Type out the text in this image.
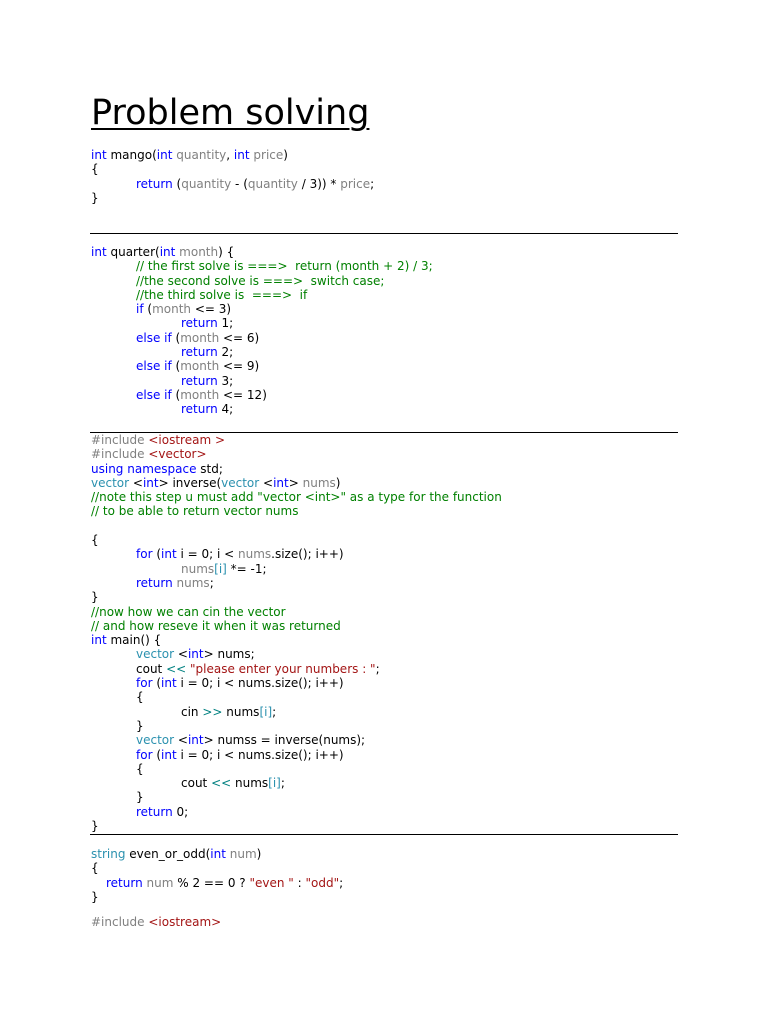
Problem solving
int mango(int quantity, int price)
{
return (quantity - (quantity / 3)) * price;
}
int quarter(int month) {
// the first solve is ===>  return (month + 2) / 3;
//the second solve is ===>  switch case;
//the third solve is  ===>  if
if (month <= 3)
return 1;
else if (month <= 6)
return 2;
else if (month <= 9)
return 3;
else if (month <= 12)
return 4;
#include <iostream >
#include <vector>
using namespace std;
vector <int> inverse(vector <int> nums)
//note this step u must add "vector <int>" as a type for the function
// to be able to return vector nums
{
for (int i = 0; i < nums.size(); i++)
nums[i] *= -1;
return nums;
}
//now how we can cin the vector
// and how reseve it when it was returned
int main() {
vector <int> nums;
cout << "please enter your numbers : ";
for (int i = 0; i < nums.size(); i++)
{
cin >> nums[i];
}
vector <int> numss = inverse(nums);
for (int i = 0; i < nums.size(); i++)
{
cout << nums[i];
}
return 0;
}
string even_or_odd(int num)
{
return num % 2 == 0 ? "even " : "odd";
}
#include <iostream>
